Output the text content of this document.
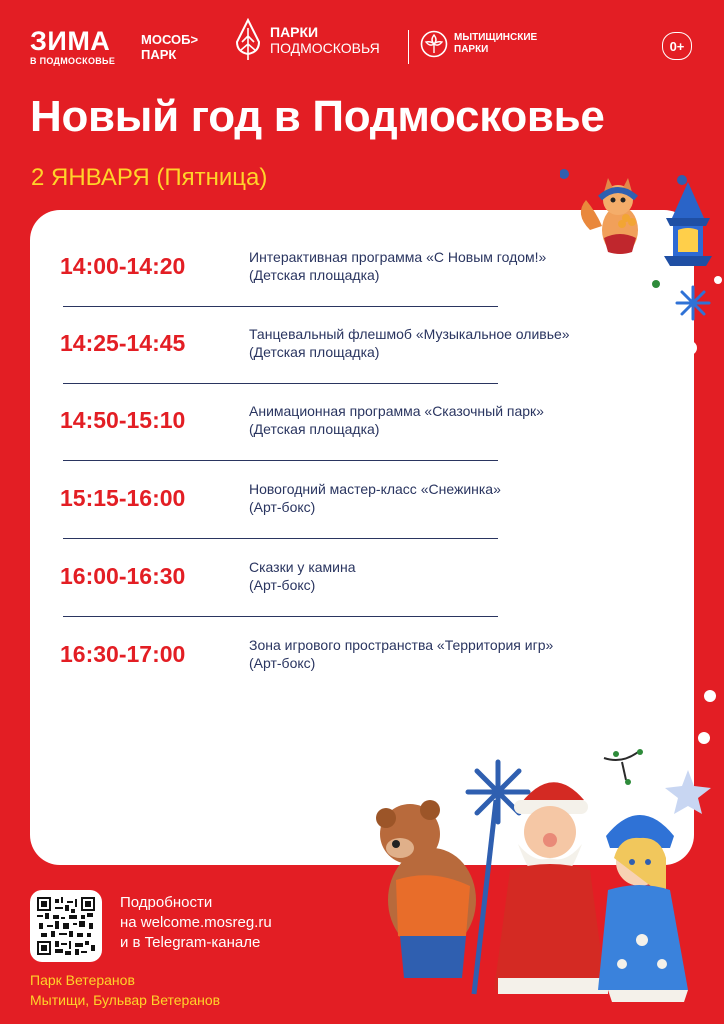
ЗИМА
В ПОДМОСКОВЬЕ
МОСОБ>
ПАРК
ПАРКИ
ПОДМОСКОВЬЯ
МЫТИЩИНСКИЕ
ПАРКИ	0+
Новый год в Подмосковье
2 ЯНВАРЯ (Пятница)
14:00-14:20	Интерактивная программа «С Новым годом!»
(Детская площадка)
14:25-14:45	Танцевальный флешмоб «Музыкальное оливье»
(Детская площадка)
14:50-15:10	Анимационная программа «Сказочный парк»
(Детская площадка)
15:15-16:00	Новогодний мастер-класс «Снежинка»
(Арт-бокс)
16:00-16:30	Сказки у камина
(Арт-бокс)
16:30-17:00	Зона игрового пространства «Территория игр»
(Арт-бокс)
Подробности
на welcome.mosreg.ru
и в Telegram-канале
Парк Ветеранов
Мытищи, Бульвар Ветеранов
